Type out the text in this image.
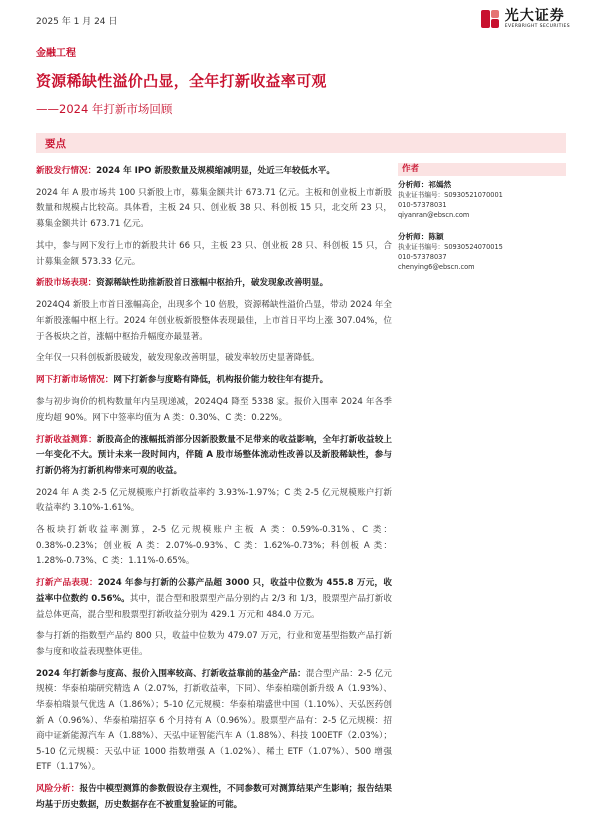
2025 年 1 月 24 日	光大证券
EVERBRIGHT SECURITIES
金融工程
资源稀缺性溢价凸显，全年打新收益率可观
——2024 年打新市场回顾
要点

新股发行情况：2024 年 IPO 新股数量及规模缩减明显，处近三年较低水平。

2024 年 A 股市场共 100 只新股上市，募集金额共计 673.71 亿元。主板和创业板上市新股数量和规模占比较高。具体看，主板 24 只、创业板 38 只、科创板 15 只，北交所 23 只，募集金额共计 673.71 亿元。

其中，参与网下发行上市的新股共计 66 只，主板 23 只、创业板 28 只、科创板 15 只，合计募集金额 573.33 亿元。

新股市场表现：资源稀缺性助推新股首日涨幅中枢抬升，破发现象改善明显。

2024Q4 新股上市首日涨幅高企，出现多个 10 倍股，资源稀缺性溢价凸显，带动 2024 年全年新股涨幅中枢上行。2024 年创业板新股整体表现最佳，上市首日平均上涨 307.04%，位于各板块之首，涨幅中枢抬升幅度亦最显著。

全年仅一只科创板新股破发，破发现象改善明显，破发率较历史显著降低。

网下打新市场情况：网下打新参与度略有降低，机构报价能力较往年有提升。

参与初步询价的机构数量年内呈现递减，2024Q4 降至 5338 家。报价入围率 2024 年各季度均超 90%。网下中签率均值为 A 类：0.30%、C 类：0.22%。

打新收益测算：新股高企的涨幅抵消部分因新股数量不足带来的收益影响，全年打新收益较上一年变化不大。预计未来一段时间内，伴随 A 股市场整体流动性改善以及新股稀缺性，参与打新仍将为打新机构带来可观的收益。

2024 年 A 类 2-5 亿元规模账户打新收益率约 3.93%-1.97%；C 类 2-5 亿元规模账户打新收益率约 3.10%-1.61%。

各板块打新收益率测算，2-5 亿元规模账户主板 A 类：0.59%-0.31%、C 类：0.38%-0.23%；创业板 A 类：2.07%-0.93%、C 类：1.62%-0.73%；科创板 A 类：1.28%-0.73%、C 类：1.11%-0.65%。

打新产品表现：2024 年参与打新的公募产品超 3000 只，收益中位数为 455.8 万元，收益率中位数约 0.56%。其中，混合型和股票型产品分别约占 2/3 和 1/3，股票型产品打新收益总体更高，混合型和股票型打新收益分别为 429.1 万元和 484.0 万元。

参与打新的指数型产品约 800 只，收益中位数为 479.07 万元，行业和宽基型指数产品打新参与度和收益表现整体更佳。

2024 年打新参与度高、报价入围率较高、打新收益靠前的基金产品：混合型产品：2-5 亿元规模：华泰柏瑞研究精选 A（2.07%，打新收益率，下同）、华泰柏瑞创新升级 A（1.93%）、华泰柏瑞景气优选 A（1.86%）；5-10 亿元规模：华泰柏瑞盛世中国（1.10%）、天弘医药创新 A（0.96%）、华泰柏瑞招享 6 个月持有 A（0.96%）。股票型产品有：2-5 亿元规模：招商中证新能源汽车 A（1.88%）、天弘中证智能汽车 A（1.88%）、科技 100ETF（2.03%）；5-10 亿元规模：天弘中证 1000 指数增强 A（1.02%）、稀土 ETF（1.07%）、500 增强 ETF（1.17%）。

风险分析：报告中模型测算的参数假设存主观性，不同参数可对测算结果产生影响；报告结果均基于历史数据，历史数据存在不被重复验证的可能。

作者
分析师：祁嫣然
执业证书编号：S0930521070001
010-57378031
qiyanran@ebscn.com
分析师：陈颖
执业证书编号：S0930524070015
010-57378037
chenying6@ebscn.com
